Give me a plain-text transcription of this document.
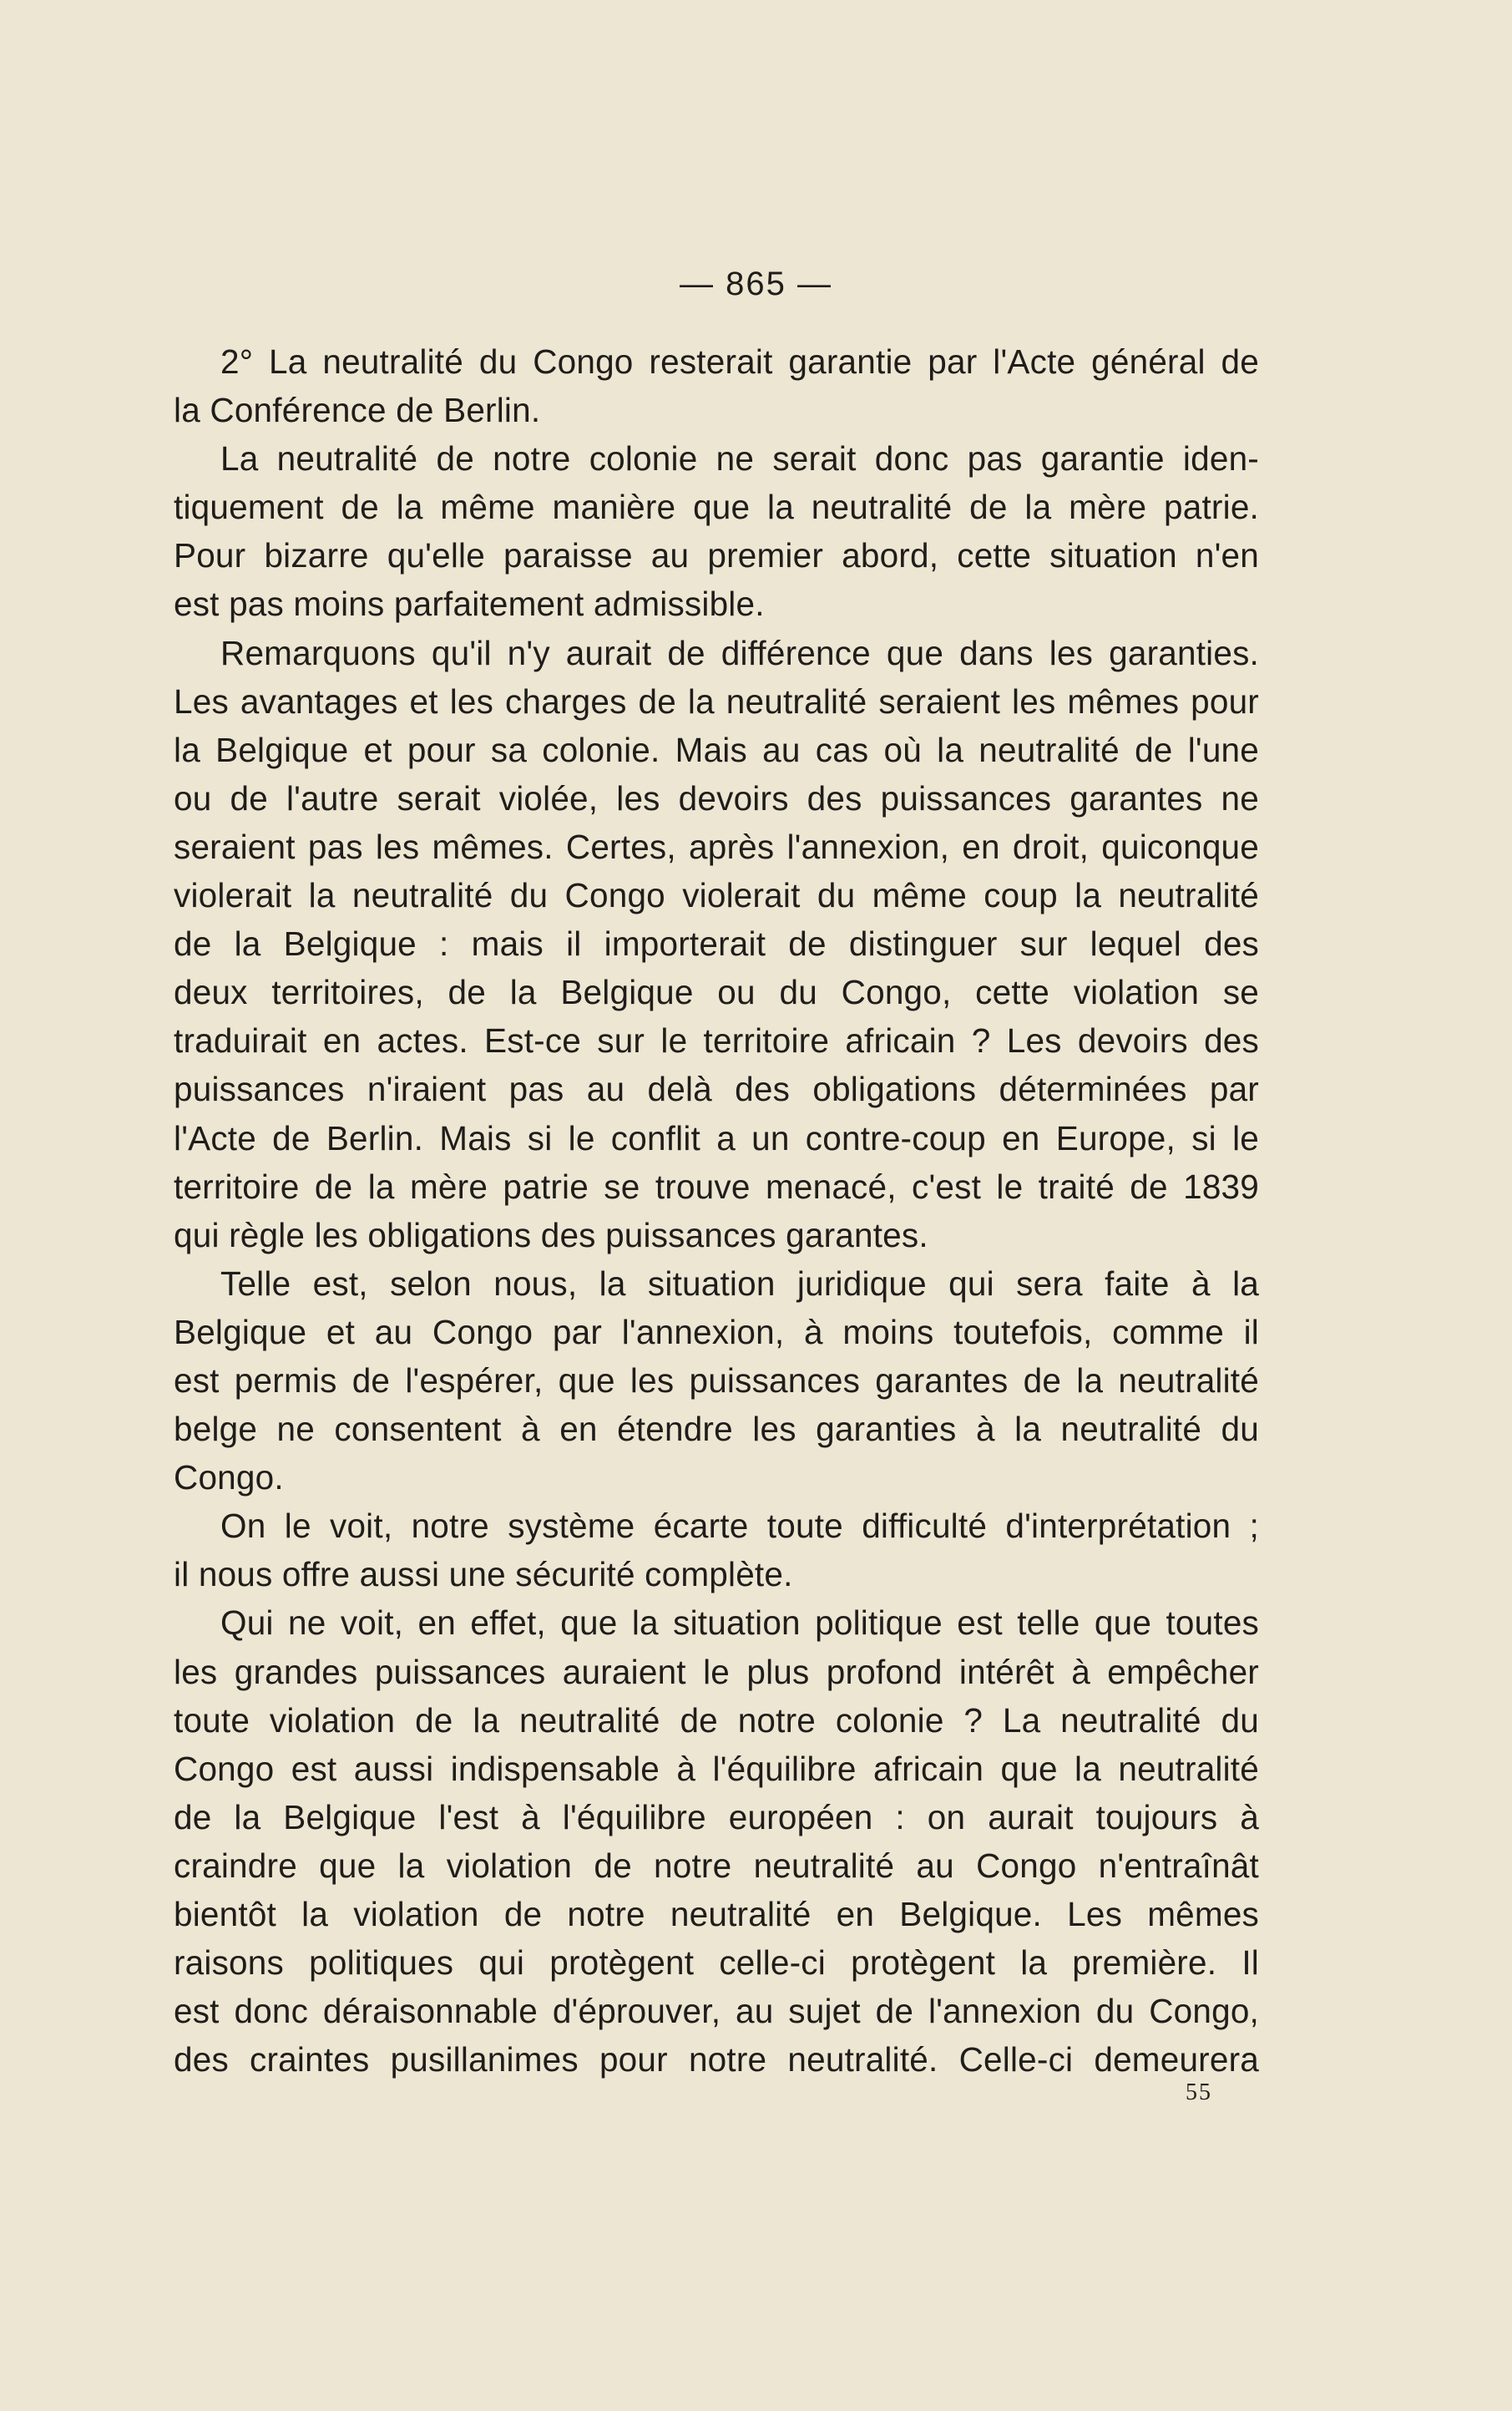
— 865 —
2° La neutralité du Congo resterait garantie par l'Acte général de
la Conférence de Berlin.
La neutralité de notre colonie ne serait donc pas garantie iden-
tiquement de la même manière que la neutralité de la mère patrie.
Pour bizarre qu'elle paraisse au premier abord, cette situation n'en
est pas moins parfaitement admissible.
Remarquons qu'il n'y aurait de différence que dans les garanties.
Les avantages et les charges de la neutralité seraient les mêmes pour
la Belgique et pour sa colonie. Mais au cas où la neutralité de l'une
ou de l'autre serait violée, les devoirs des puissances garantes ne
seraient pas les mêmes. Certes, après l'annexion, en droit, quiconque
violerait la neutralité du Congo violerait du même coup la neutralité
de la Belgique : mais il importerait de distinguer sur lequel des
deux territoires, de la Belgique ou du Congo, cette violation se
traduirait en actes. Est-ce sur le territoire africain ? Les devoirs des
puissances n'iraient pas au delà des obligations déterminées par
l'Acte de Berlin. Mais si le conflit a un contre-coup en Europe, si le
territoire de la mère patrie se trouve menacé, c'est le traité de 1839
qui règle les obligations des puissances garantes.
Telle est, selon nous, la situation juridique qui sera faite à la
Belgique et au Congo par l'annexion, à moins toutefois, comme il
est permis de l'espérer, que les puissances garantes de la neutralité
belge ne consentent à en étendre les garanties à la neutralité du
Congo.
On le voit, notre système écarte toute difficulté d'interprétation ;
il nous offre aussi une sécurité complète.
Qui ne voit, en effet, que la situation politique est telle que toutes
les grandes puissances auraient le plus profond intérêt à empêcher
toute violation de la neutralité de notre colonie ? La neutralité du
Congo est aussi indispensable à l'équilibre africain que la neutralité
de la Belgique l'est à l'équilibre européen : on aurait toujours à
craindre que la violation de notre neutralité au Congo n'entraînât
bientôt la violation de notre neutralité en Belgique. Les mêmes
raisons politiques qui protègent celle-ci protègent la première. Il
est donc déraisonnable d'éprouver, au sujet de l'annexion du Congo,
des craintes pusillanimes pour notre neutralité. Celle-ci demeurera
55
